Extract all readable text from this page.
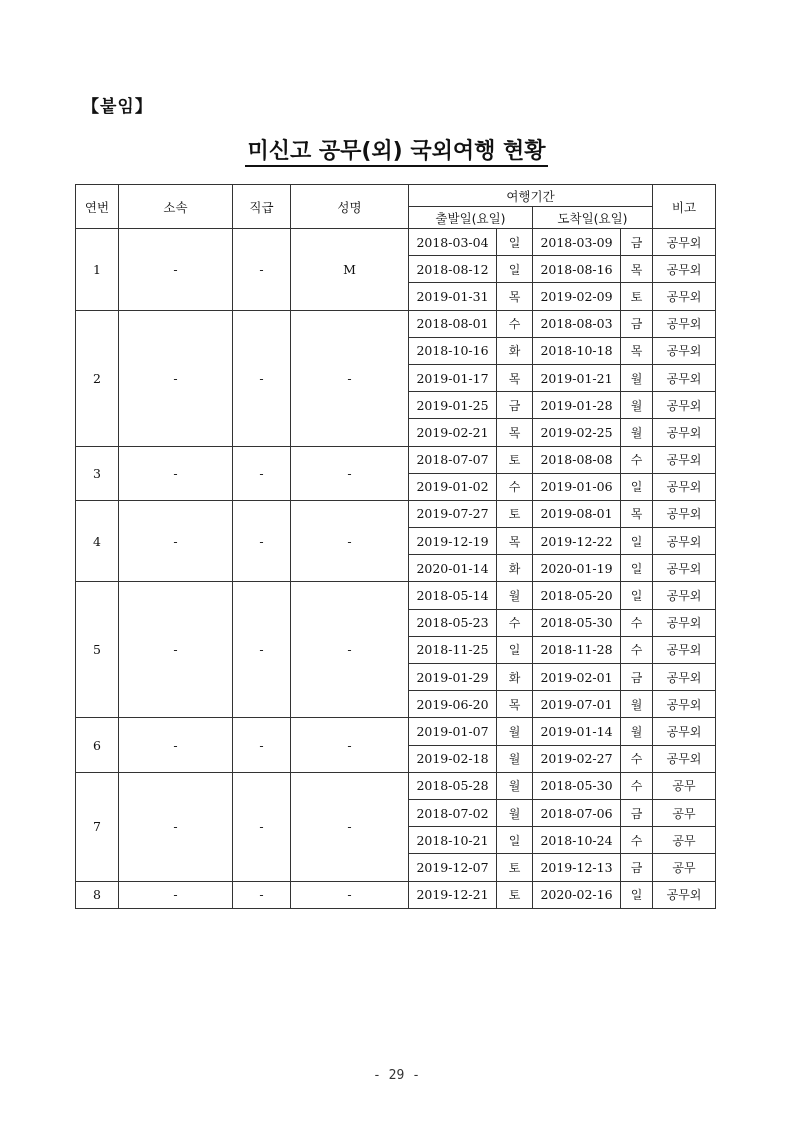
【붙임】
미신고 공무(외) 국외여행 현황
연번	소속	직급	성명	여행기간				비고
				출발일(요일)		도착일(요일)		
1	-	-	M	2018-03-04	일	2018-03-09	금	공무외
				2018-08-12	일	2018-08-16	목	공무외
				2019-01-31	목	2019-02-09	토	공무외
2	-	-	-	2018-08-01	수	2018-08-03	금	공무외
				2018-10-16	화	2018-10-18	목	공무외
				2019-01-17	목	2019-01-21	월	공무외
				2019-01-25	금	2019-01-28	월	공무외
				2019-02-21	목	2019-02-25	월	공무외
3	-	-	-	2018-07-07	토	2018-08-08	수	공무외
				2019-01-02	수	2019-01-06	일	공무외
4	-	-	-	2019-07-27	토	2019-08-01	목	공무외
				2019-12-19	목	2019-12-22	일	공무외
				2020-01-14	화	2020-01-19	일	공무외
5	-	-	-	2018-05-14	월	2018-05-20	일	공무외
				2018-05-23	수	2018-05-30	수	공무외
				2018-11-25	일	2018-11-28	수	공무외
				2019-01-29	화	2019-02-01	금	공무외
				2019-06-20	목	2019-07-01	월	공무외
6	-	-	-	2019-01-07	월	2019-01-14	월	공무외
				2019-02-18	월	2019-02-27	수	공무외
7	-	-	-	2018-05-28	월	2018-05-30	수	공무
				2018-07-02	월	2018-07-06	금	공무
				2018-10-21	일	2018-10-24	수	공무
				2019-12-07	토	2019-12-13	금	공무
8	-	-	-	2019-12-21	토	2020-02-16	일	공무외
- 29 -
